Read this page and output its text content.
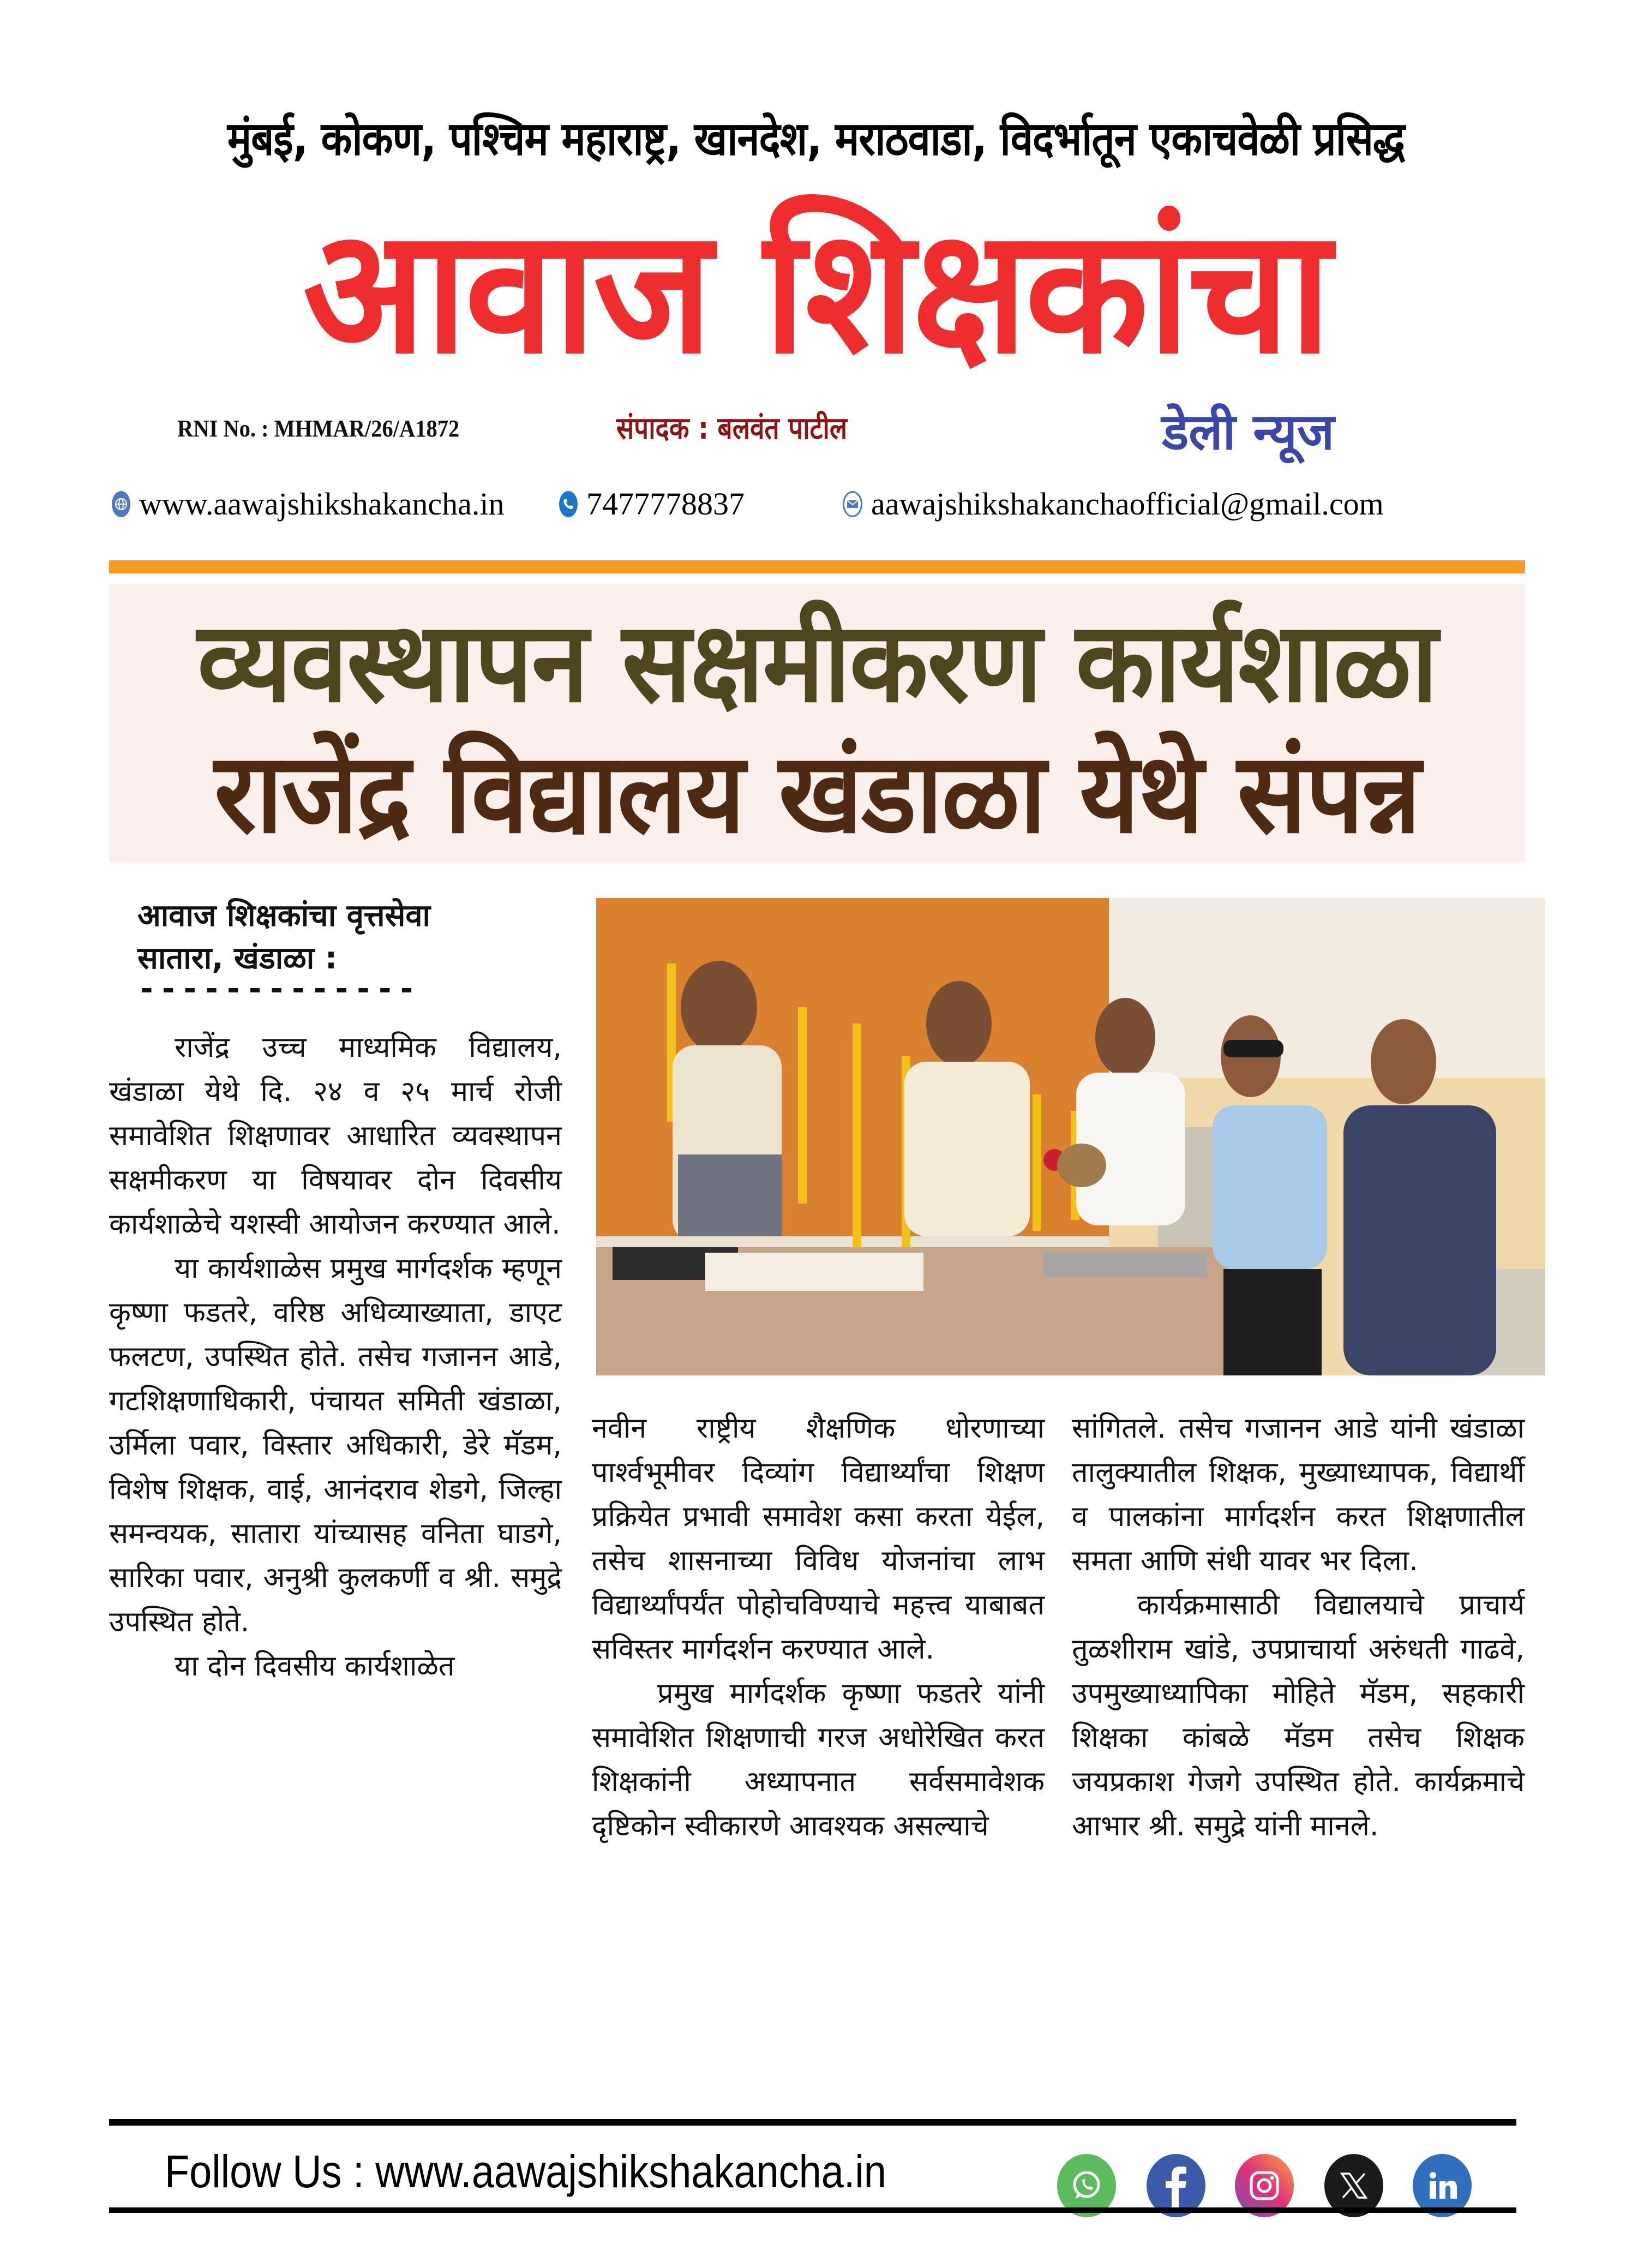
मुंबई, कोकण, पश्चिम महाराष्ट्र, खानदेश, मराठवाडा, विदर्भातून एकाचवेळी प्रसिद्ध
आवाज शिक्षकांचा
RNI No. : MHMAR/26/A1872	संपादक : बलवंत पाटील	डेली न्यूज
www.aawajshikshakancha.in	7477778837	aawajshikshakanchaofficial@gmail.com
व्यवस्थापन सक्षमीकरण कार्यशाळा
राजेंद्र विद्यालय खंडाळा येथे संपन्न
आवाज शिक्षकांचा वृत्तसेवा
सातारा, खंडाळा :
-------------

राजेंद्र उच्च माध्यमिक विद्यालय, खंडाळा येथे दि. २४ व २५ मार्च रोजी समावेशित शिक्षणावर आधारित व्यवस्थापन सक्षमीकरण या विषयावर दोन दिवसीय कार्यशाळेचे यशस्वी आयोजन करण्यात आले.

या कार्यशाळेस प्रमुख मार्गदर्शक म्हणून कृष्णा फडतरे, वरिष्ठ अधिव्याख्याता, डाएट फलटण, उपस्थित होते. तसेच गजानन आडे, गटशिक्षणाधिकारी, पंचायत समिती खंडाळा, उर्मिला पवार, विस्तार अधिकारी, डेरे मॅडम, विशेष शिक्षक, वाई, आनंदराव शेडगे, जिल्हा समन्वयक, सातारा यांच्यासह वनिता घाडगे, सारिका पवार, अनुश्री कुलकर्णी व श्री. समुद्रे उपस्थित होते.

या दोन दिवसीय कार्यशाळेत

नवीन राष्ट्रीय शैक्षणिक धोरणाच्या पार्श्वभूमीवर दिव्यांग विद्यार्थ्यांचा शिक्षण प्रक्रियेत प्रभावी समावेश कसा करता येईल, तसेच शासनाच्या विविध योजनांचा लाभ विद्यार्थ्यांपर्यंत पोहोचविण्याचे महत्त्व याबाबत सविस्तर मार्गदर्शन करण्यात आले.

प्रमुख मार्गदर्शक कृष्णा फडतरे यांनी समावेशित शिक्षणाची गरज अधोरेखित करत शिक्षकांनी अध्यापनात सर्वसमावेशक दृष्टिकोन स्वीकारणे आवश्यक असल्याचे

सांगितले. तसेच गजानन आडे यांनी खंडाळा तालुक्यातील शिक्षक, मुख्याध्यापक, विद्यार्थी व पालकांना मार्गदर्शन करत शिक्षणातील समता आणि संधी यावर भर दिला.

कार्यक्रमासाठी विद्यालयाचे प्राचार्य तुळशीराम खांडे, उपप्राचार्या अरुंधती गाढवे, उपमुख्याध्यापिका मोहिते मॅडम, सहकारी शिक्षका कांबळे मॅडम तसेच शिक्षक जयप्रकाश गेजगे उपस्थित होते. कार्यक्रमाचे आभार श्री. समुद्रे यांनी मानले.

Follow Us : www.aawajshikshakancha.in
